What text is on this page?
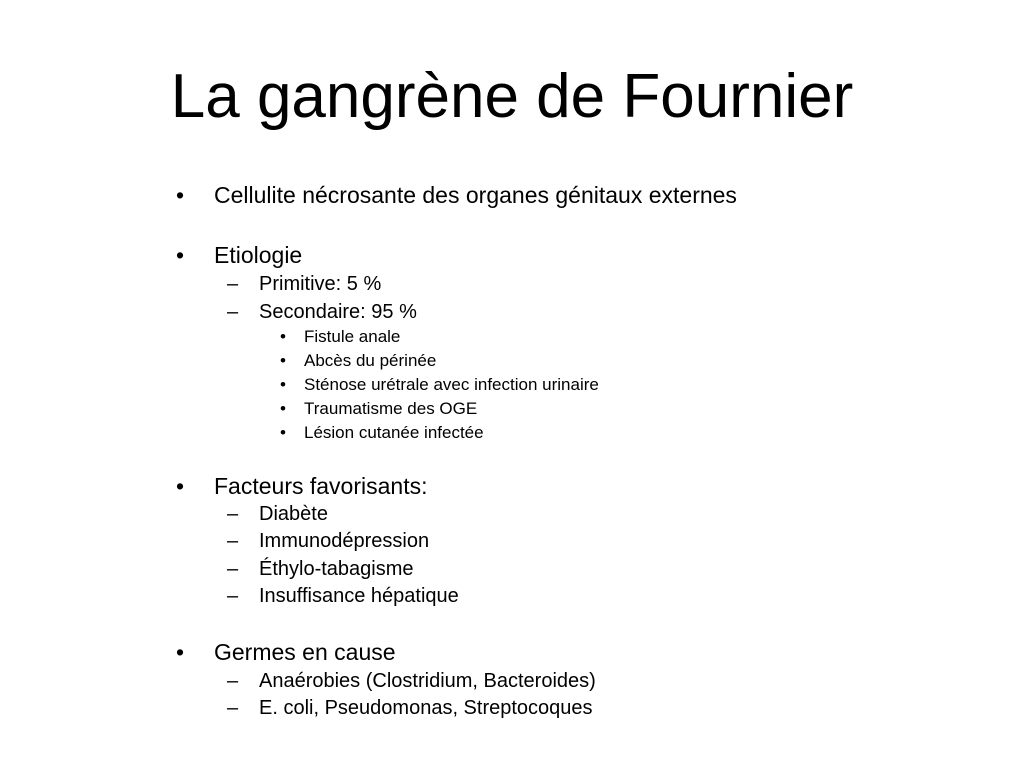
La gangrène de Fournier
• Cellulite nécrosante des organes génitaux externes
• Etiologie
– Primitive: 5 %
– Secondaire: 95 %
• Fistule anale
• Abcès du périnée
• Sténose urétrale avec infection urinaire
• Traumatisme des OGE
• Lésion cutanée infectée
• Facteurs favorisants:
– Diabète
– Immunodépression
– Éthylo-tabagisme
– Insuffisance hépatique
• Germes en cause
– Anaérobies (Clostridium, Bacteroides)
– E. coli, Pseudomonas, Streptocoques
